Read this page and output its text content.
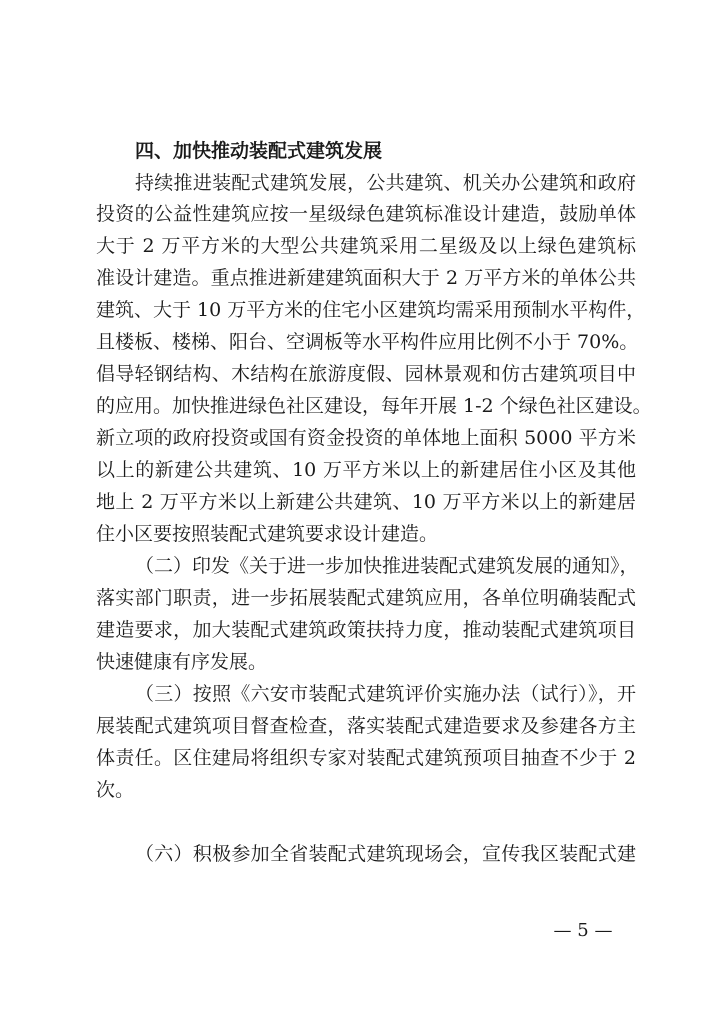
四、加快推动装配式建筑发展
持续推进装配式建筑发展，公共建筑、机关办公建筑和政府
投资的公益性建筑应按一星级绿色建筑标准设计建造，鼓励单体
大于 2 万平方米的大型公共建筑采用二星级及以上绿色建筑标
准设计建造。重点推进新建建筑面积大于 2 万平方米的单体公共
建筑、大于 10 万平方米的住宅小区建筑均需采用预制水平构件，
且楼板、楼梯、阳台、空调板等水平构件应用比例不小于 70%。
倡导轻钢结构、木结构在旅游度假、园林景观和仿古建筑项目中
的应用。加快推进绿色社区建设，每年开展 1-2 个绿色社区建设。
新立项的政府投资或国有资金投资的单体地上面积 5000 平方米
以上的新建公共建筑、10 万平方米以上的新建居住小区及其他
地上 2 万平方米以上新建公共建筑、10 万平方米以上的新建居
住小区要按照装配式建筑要求设计建造。
（二）印发《关于进一步加快推进装配式建筑发展的通知》，
落实部门职责，进一步拓展装配式建筑应用，各单位明确装配式
建造要求，加大装配式建筑政策扶持力度，推动装配式建筑项目
快速健康有序发展。
（三）按照《六安市装配式建筑评价实施办法（试行）》，开
展装配式建筑项目督查检查，落实装配式建造要求及参建各方主
体责任。区住建局将组织专家对装配式建筑预项目抽查不少于 2
次。
（六）积极参加全省装配式建筑现场会，宣传我区装配式建
— 5 —
